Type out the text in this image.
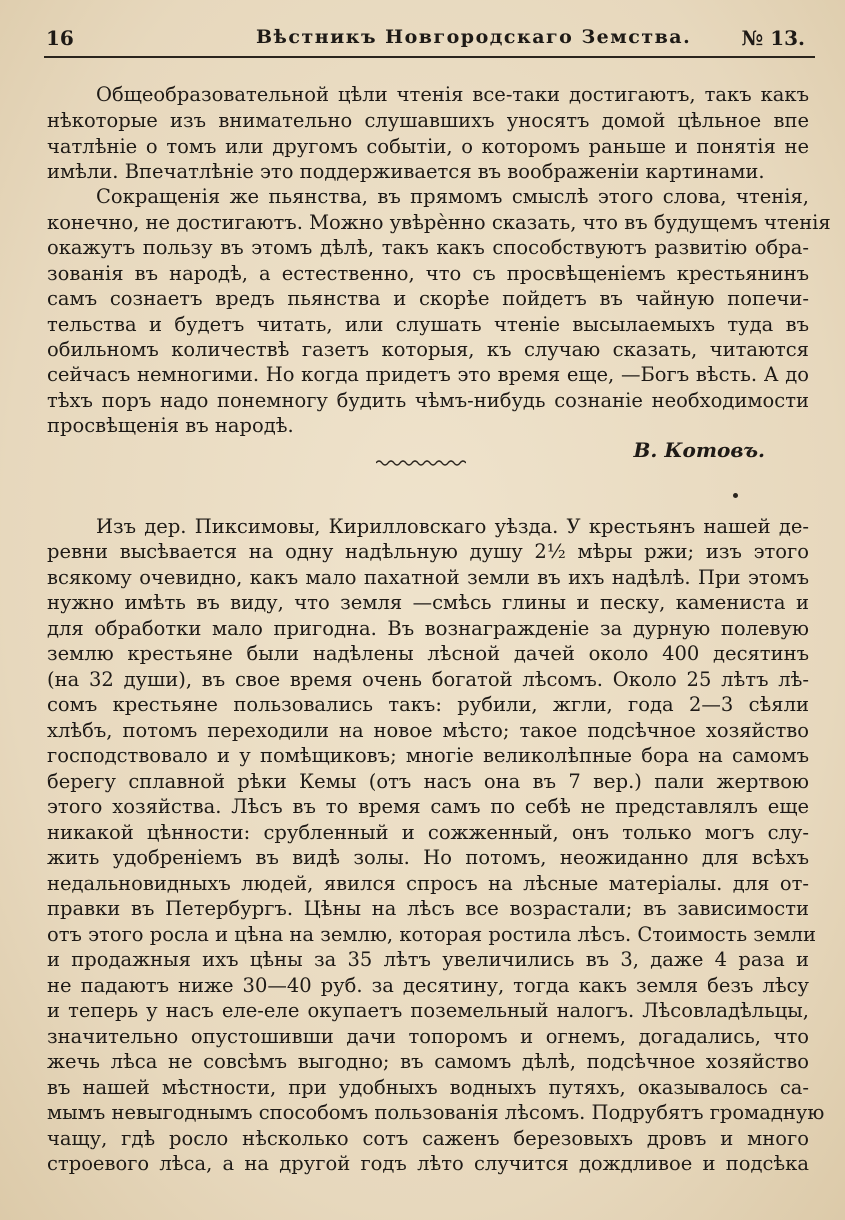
16	Вѣстникъ Новгородскаго Земства.	№ 13.
Общеобразовательной цѣли чтенія все-таки достигаютъ, такъ какъ
нѣкоторые изъ внимательно слушавшихъ уносятъ домой цѣльное впе
чатлѣніе о томъ или другомъ событіи, о которомъ раньше и понятія не
имѣли. Впечатлѣніе это поддерживается въ воображеніи картинами.
Сокращенія же пьянства, въ прямомъ смыслѣ этого слова, чтенія,
конечно, не достигаютъ. Можно увѣрѐнно сказать, что въ будущемъ чтенія
окажутъ пользу въ этомъ дѣлѣ, такъ какъ способствуютъ развитію обра-
зованія въ народѣ, а естественно, что съ просвѣщеніемъ крестьянинъ
самъ сознаетъ вредъ пьянства и скорѣе пойдетъ въ чайную попечи-
тельства и будетъ читать, или слушать чтеніе высылаемыхъ туда въ
обильномъ количествѣ газетъ которыя, къ случаю сказать, читаются
сейчасъ немногими. Но когда придетъ это время еще, —Богъ вѣсть. А до
тѣхъ поръ надо понемногу будить чѣмъ-нибудь сознаніе необходимости
просвѣщенія въ народѣ.
В. Котовъ.
Изъ дер. Пиксимовы, Кирилловскаго уѣзда. У крестьянъ нашей де-
ревни высѣвается на одну надѣльную душу 2½ мѣры ржи; изъ этого
всякому очевидно, какъ мало пахатной земли въ ихъ надѣлѣ. При этомъ
нужно имѣть въ виду, что земля —смѣсь глины и песку, камениста и
для обработки мало пригодна. Въ вознагражденіе за дурную полевую
землю крестьяне были надѣлены лѣсной дачей около 400 десятинъ
(на 32 души), въ свое время очень богатой лѣсомъ. Около 25 лѣтъ лѣ-
сомъ крестьяне пользовались такъ: рубили, жгли, года 2—3 сѣяли
хлѣбъ, потомъ переходили на новое мѣсто; такое подсѣчное хозяйство
господствовало и у помѣщиковъ; многіе великолѣпные бора на самомъ
берегу сплавной рѣки Кемы (отъ насъ она въ 7 вер.) пали жертвою
этого хозяйства. Лѣсъ въ то время самъ по себѣ не представлялъ еще
никакой цѣнности: срубленный и сожженный, онъ только могъ слу-
жить удобреніемъ въ видѣ золы. Но потомъ, неожиданно для всѣхъ
недальновидныхъ людей, явился спросъ на лѣсные матеріалы. для от-
правки въ Петербургъ. Цѣны на лѣсъ все возрастали; въ зависимости
отъ этого росла и цѣна на землю, которая ростила лѣсъ. Стоимость земли
и продажныя ихъ цѣны за 35 лѣтъ увеличились въ 3, даже 4 раза и
не падаютъ ниже 30—40 руб. за десятину, тогда какъ земля безъ лѣсу
и теперь у насъ еле-еле окупаетъ поземельный налогъ. Лѣсовладѣльцы,
значительно опустошивши дачи топоромъ и огнемъ, догадались, что
жечь лѣса не совсѣмъ выгодно; въ самомъ дѣлѣ, подсѣчное хозяйство
въ нашей мѣстности, при удобныхъ водныхъ путяхъ, оказывалось са-
мымъ невыгоднымъ способомъ пользованія лѣсомъ. Подрубятъ громадную
чащу, гдѣ росло нѣсколько сотъ саженъ березовыхъ дровъ и много
строевого лѣса, а на другой годъ лѣто случится дождливое и подсѣка
